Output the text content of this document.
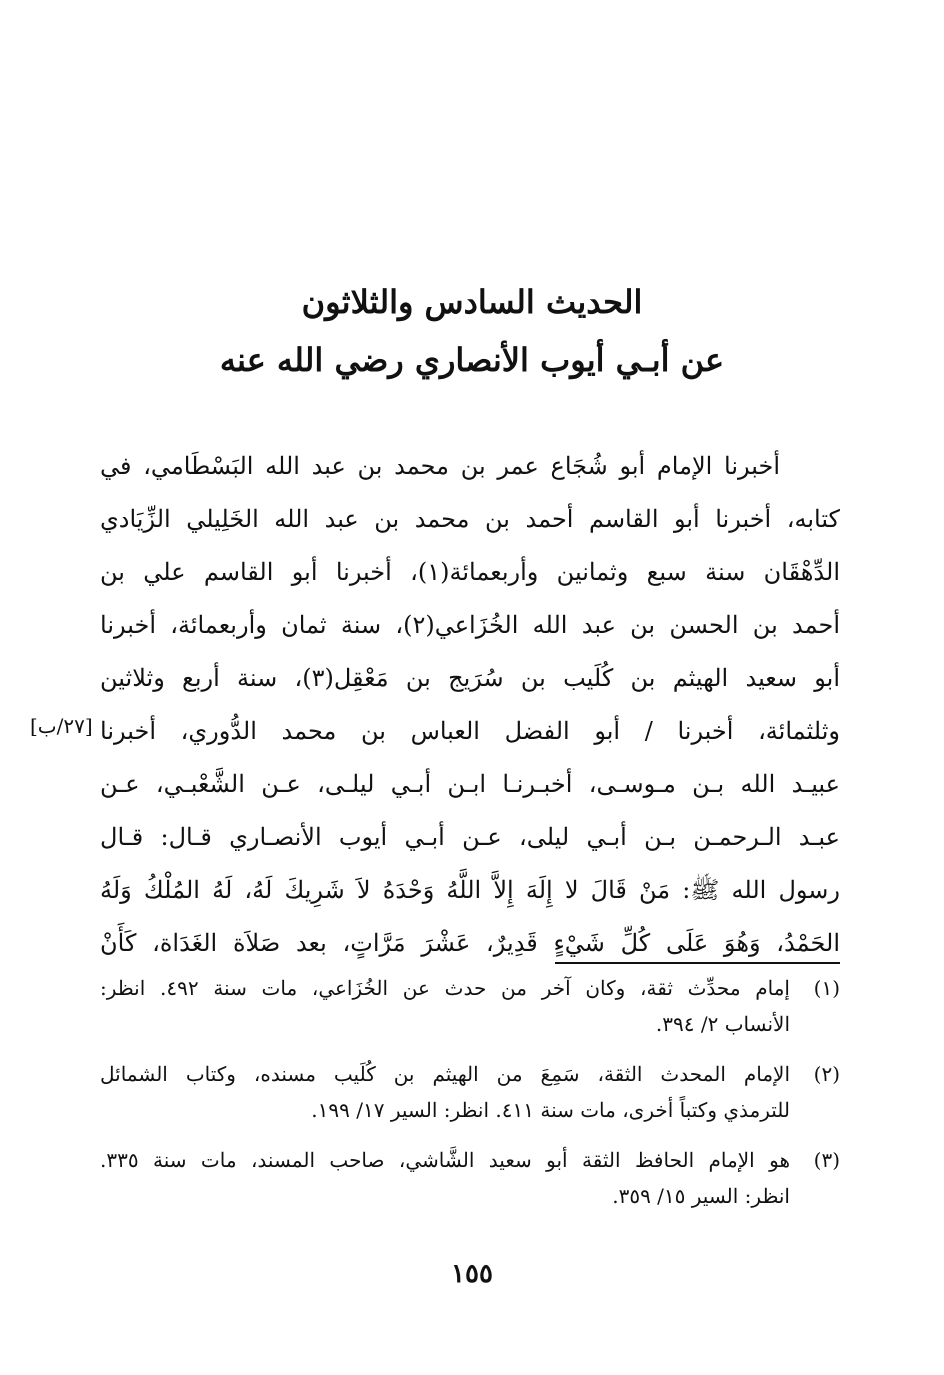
الحديث السادس والثلاثون
عن أبـي أيوب الأنصاري رضي الله عنه
أخبرنا الإمام أبو شُجَاع عمر بن محمد بن عبد الله البَسْطَامي، في
كتابه، أخبرنا أبو القاسم أحمد بن محمد بن عبد الله الخَلِيلي الزِّيَادي
الدِّهْقَان سنة سبع وثمانين وأربعمائة(١)، أخبرنا أبو القاسم علي بن
أحمد بن الحسن بن عبد الله الخُزَاعي(٢)، سنة ثمان وأربعمائة، أخبرنا
أبو سعيد الهيثم بن كُلَيب بن سُرَيج بن مَعْقِل(٣)، سنة أربع وثلاثين
وثلثمائة، أخبرنا / أبو الفضل العباس بن محمد الدُّوري، أخبرنا
عبيـد الله بـن مـوسـى، أخبـرنـا ابـن أبـي ليلـى، عـن الشَّعْبـي، عـن
عبـد الـرحمـن بـن أبـي ليلى، عـن أبـي أيوب الأنصـاري قـال: قـال
رسول الله ﷺ: مَنْ قَالَ لا إِلَهَ إِلاَّ اللَّهُ وَحْدَهُ لاَ شَرِيكَ لَهُ، لَهُ المُلْكُ وَلَهُ
الحَمْدُ، وَهُوَ عَلَى كُلِّ شَيْءٍ قَدِيرٌ، عَشْرَ مَرَّاتٍ، بعد صَلاَة الغَدَاة، كَأَنْ
[٢٧/ب]
(١)
إمام محدِّث ثقة، وكان آخر من حدث عن الخُزَاعي، مات سنة ٤٩٢. انظر:
الأنساب ٢/ ٣٩٤.
(٢)
الإمام المحدث الثقة، سَمِعَ من الهيثم بن كُلَيب مسنده، وكتاب الشمائل
للترمذي وكتباً أخرى، مات سنة ٤١١. انظر: السير ١٧/ ١٩٩.
(٣)
هو الإمام الحافظ الثقة أبو سعيد الشَّاشي، صاحب المسند، مات سنة ٣٣٥.
انظر: السير ١٥/ ٣٥٩.
١٥٥
